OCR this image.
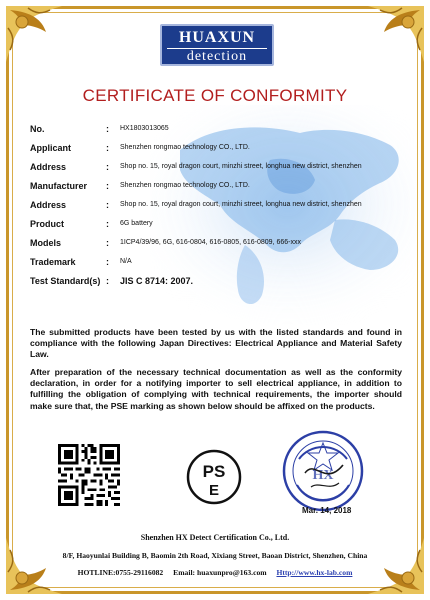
HUAXUN
detection
CERTIFICATE OF CONFORMITY
No.	: HX1803013065
Applicant	: Shenzhen rongmao technology CO., LTD.
Address	: Shop no. 15, royal dragon court, minzhi street, longhua new district, shenzhen
Manufacturer : Shenzhen rongmao technology CO., LTD.
Address	: Shop no. 15, royal dragon court, minzhi street, longhua new district, shenzhen
Product	: 6G battery
Models	: 1ICP4/39/96, 6G, 616-0804, 616-0805, 616-0809, 666-xxx
Trademark	: N/A
Test Standard(s) : JIS C 8714: 2007.

The submitted products have been tested by us with the listed standards and found in compliance with the following Japan Directives: Electrical Appliance and Material Safety Law.

After preparation of the necessary technical documentation as well as the conformity declaration, in order for a notifying importer to sell electrical appliance, in addition to fulfilling the obligation of complying with technical requirements, the importer should make sure that, the PSE marking as shown below should be affixed on the products.

PS
E
HX
Mar. 14, 2018
Shenzhen HX Detect Certification Co., Ltd.
8/F, Haoyunlai Building B, Baomin 2th Road, Xixiang Street, Baoan District, Shenzhen, China
HOTLINE:0755-29116082 Email: huaxunpro@163.com Http://www.hx-lab.com
